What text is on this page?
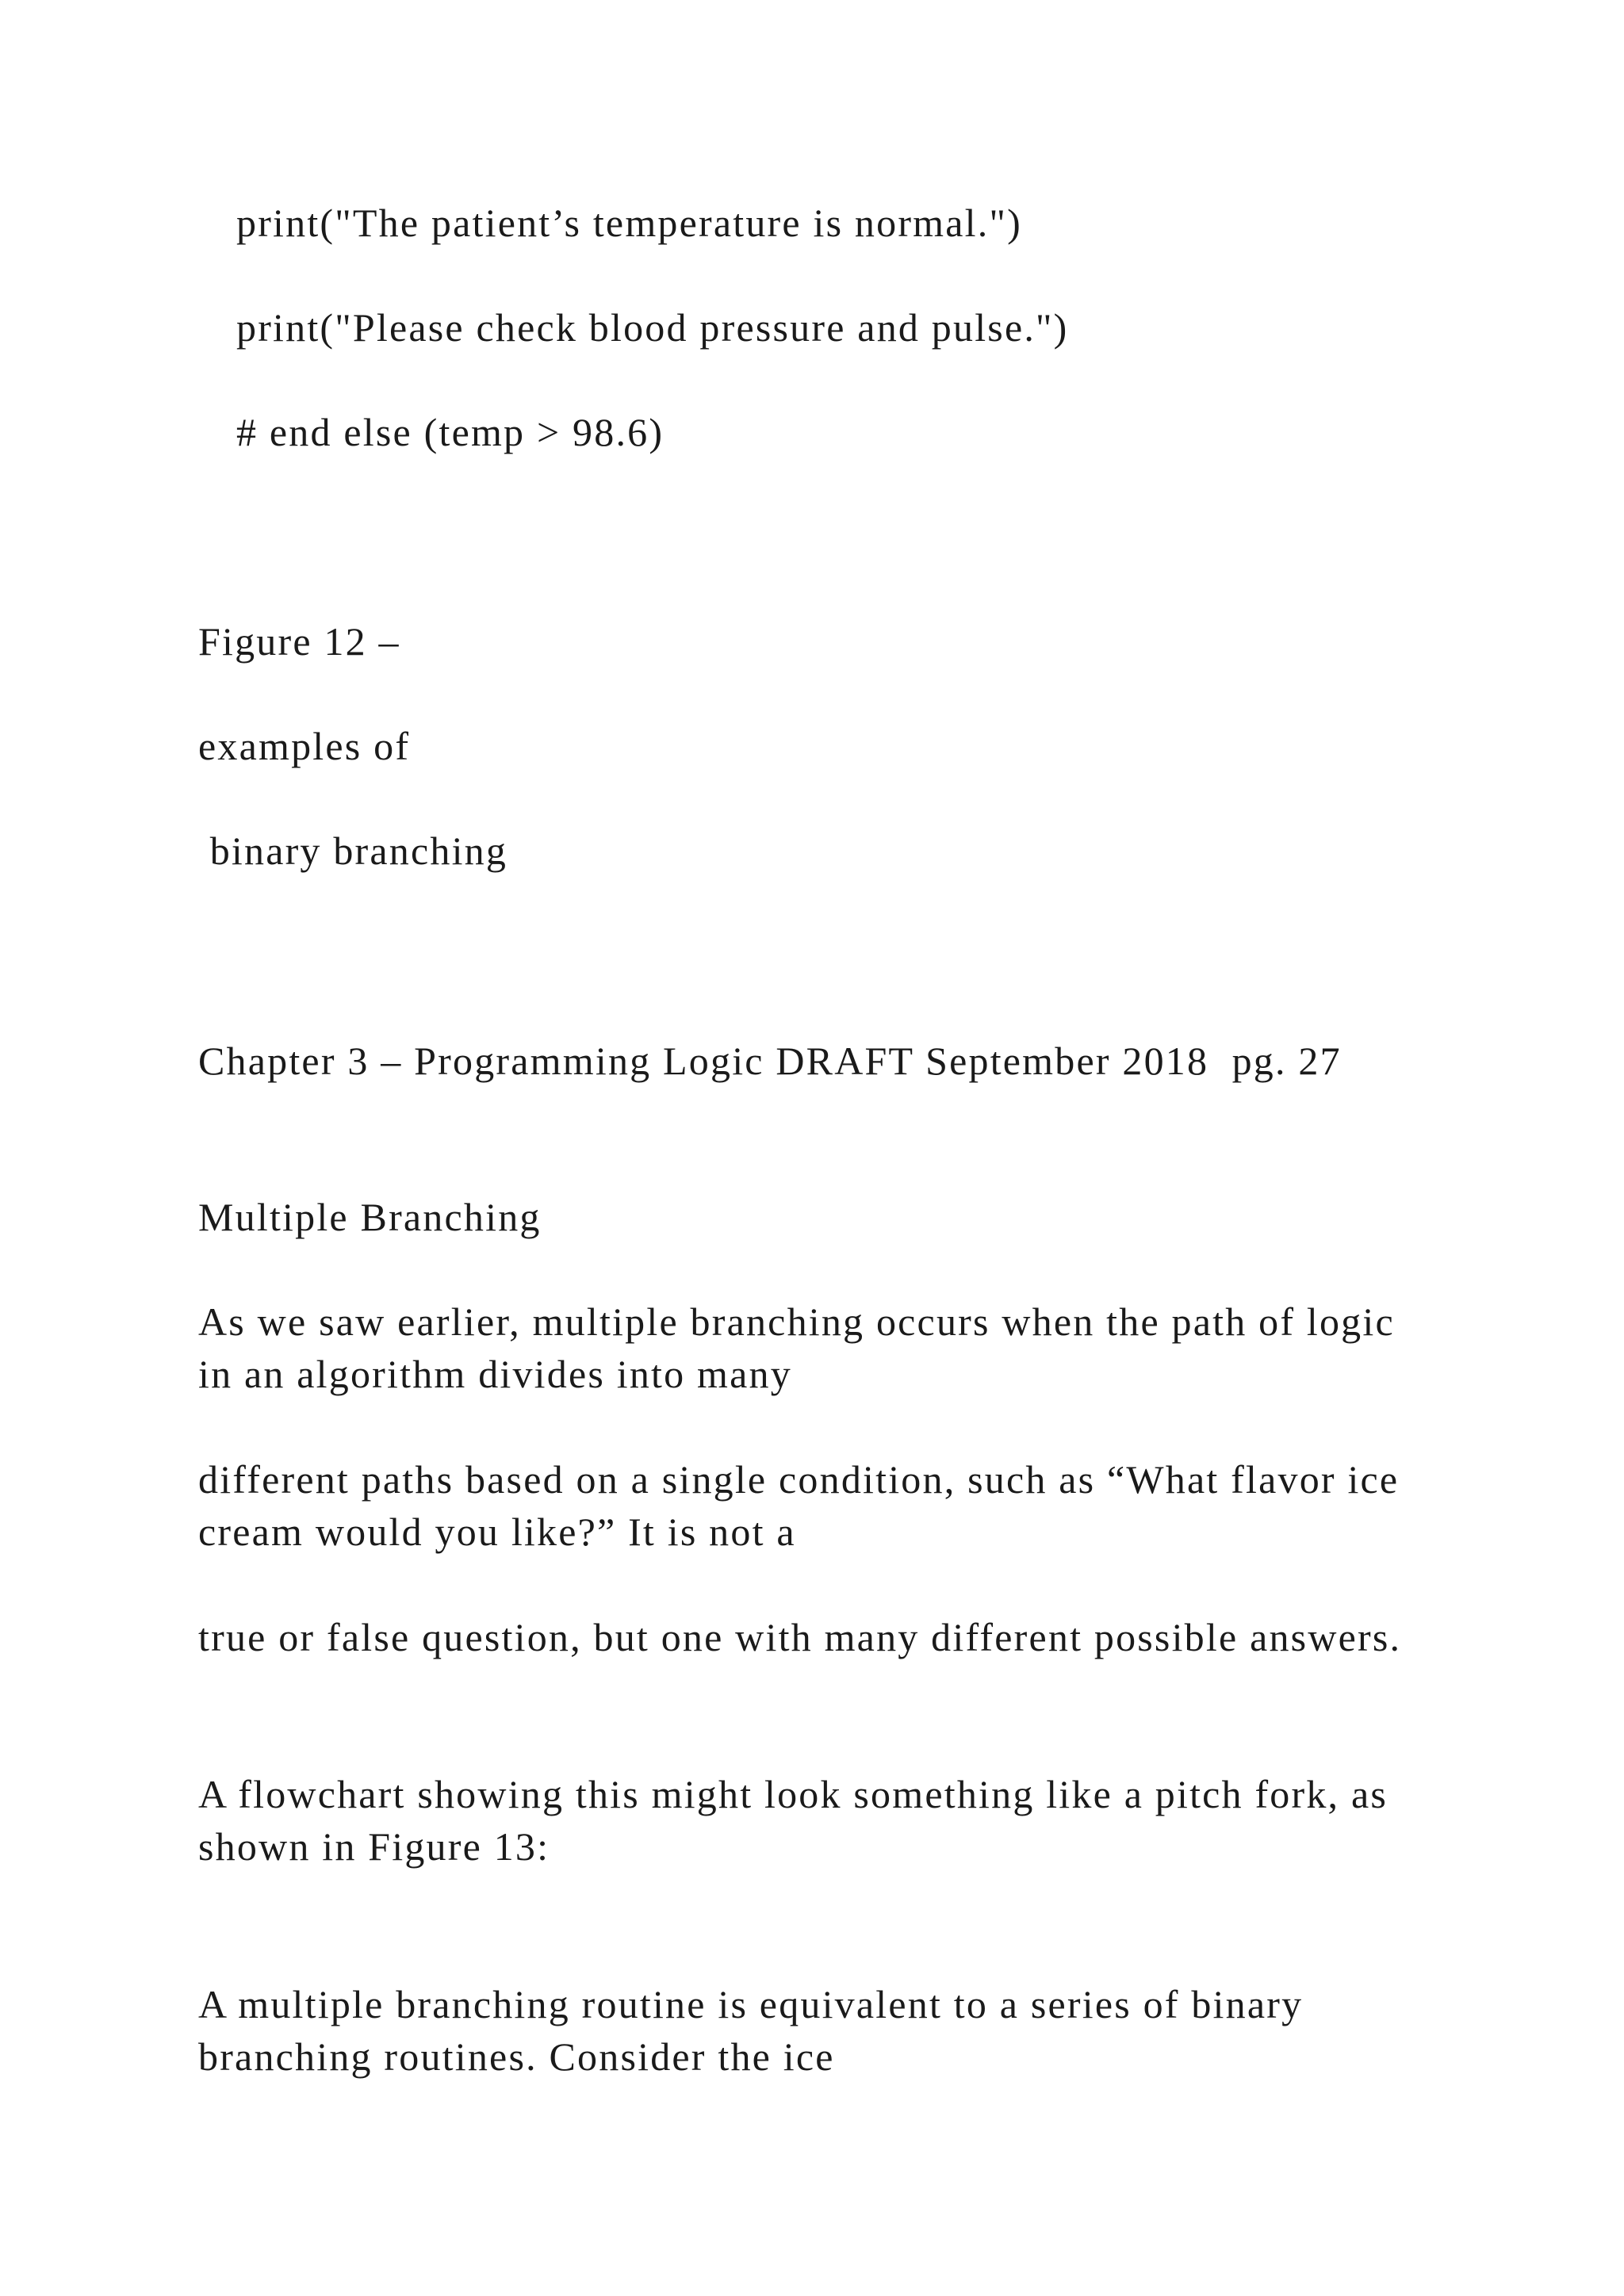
print("The patient’s temperature is normal.")

print("Please check blood pressure and pulse.")

# end else (temp > 98.6)

Figure 12 –

examples of

binary branching

Chapter 3 – Programming Logic DRAFT September 2018  pg. 27

Multiple Branching

As we saw earlier, multiple branching occurs when the path of logic in an algorithm divides into many

different paths based on a single condition, such as “What flavor ice cream would you like?” It is not a

true or false question, but one with many different possible answers.

A flowchart showing this might look something like a pitch fork, as shown in Figure 13:

A multiple branching routine is equivalent to a series of binary branching routines. Consider the ice
